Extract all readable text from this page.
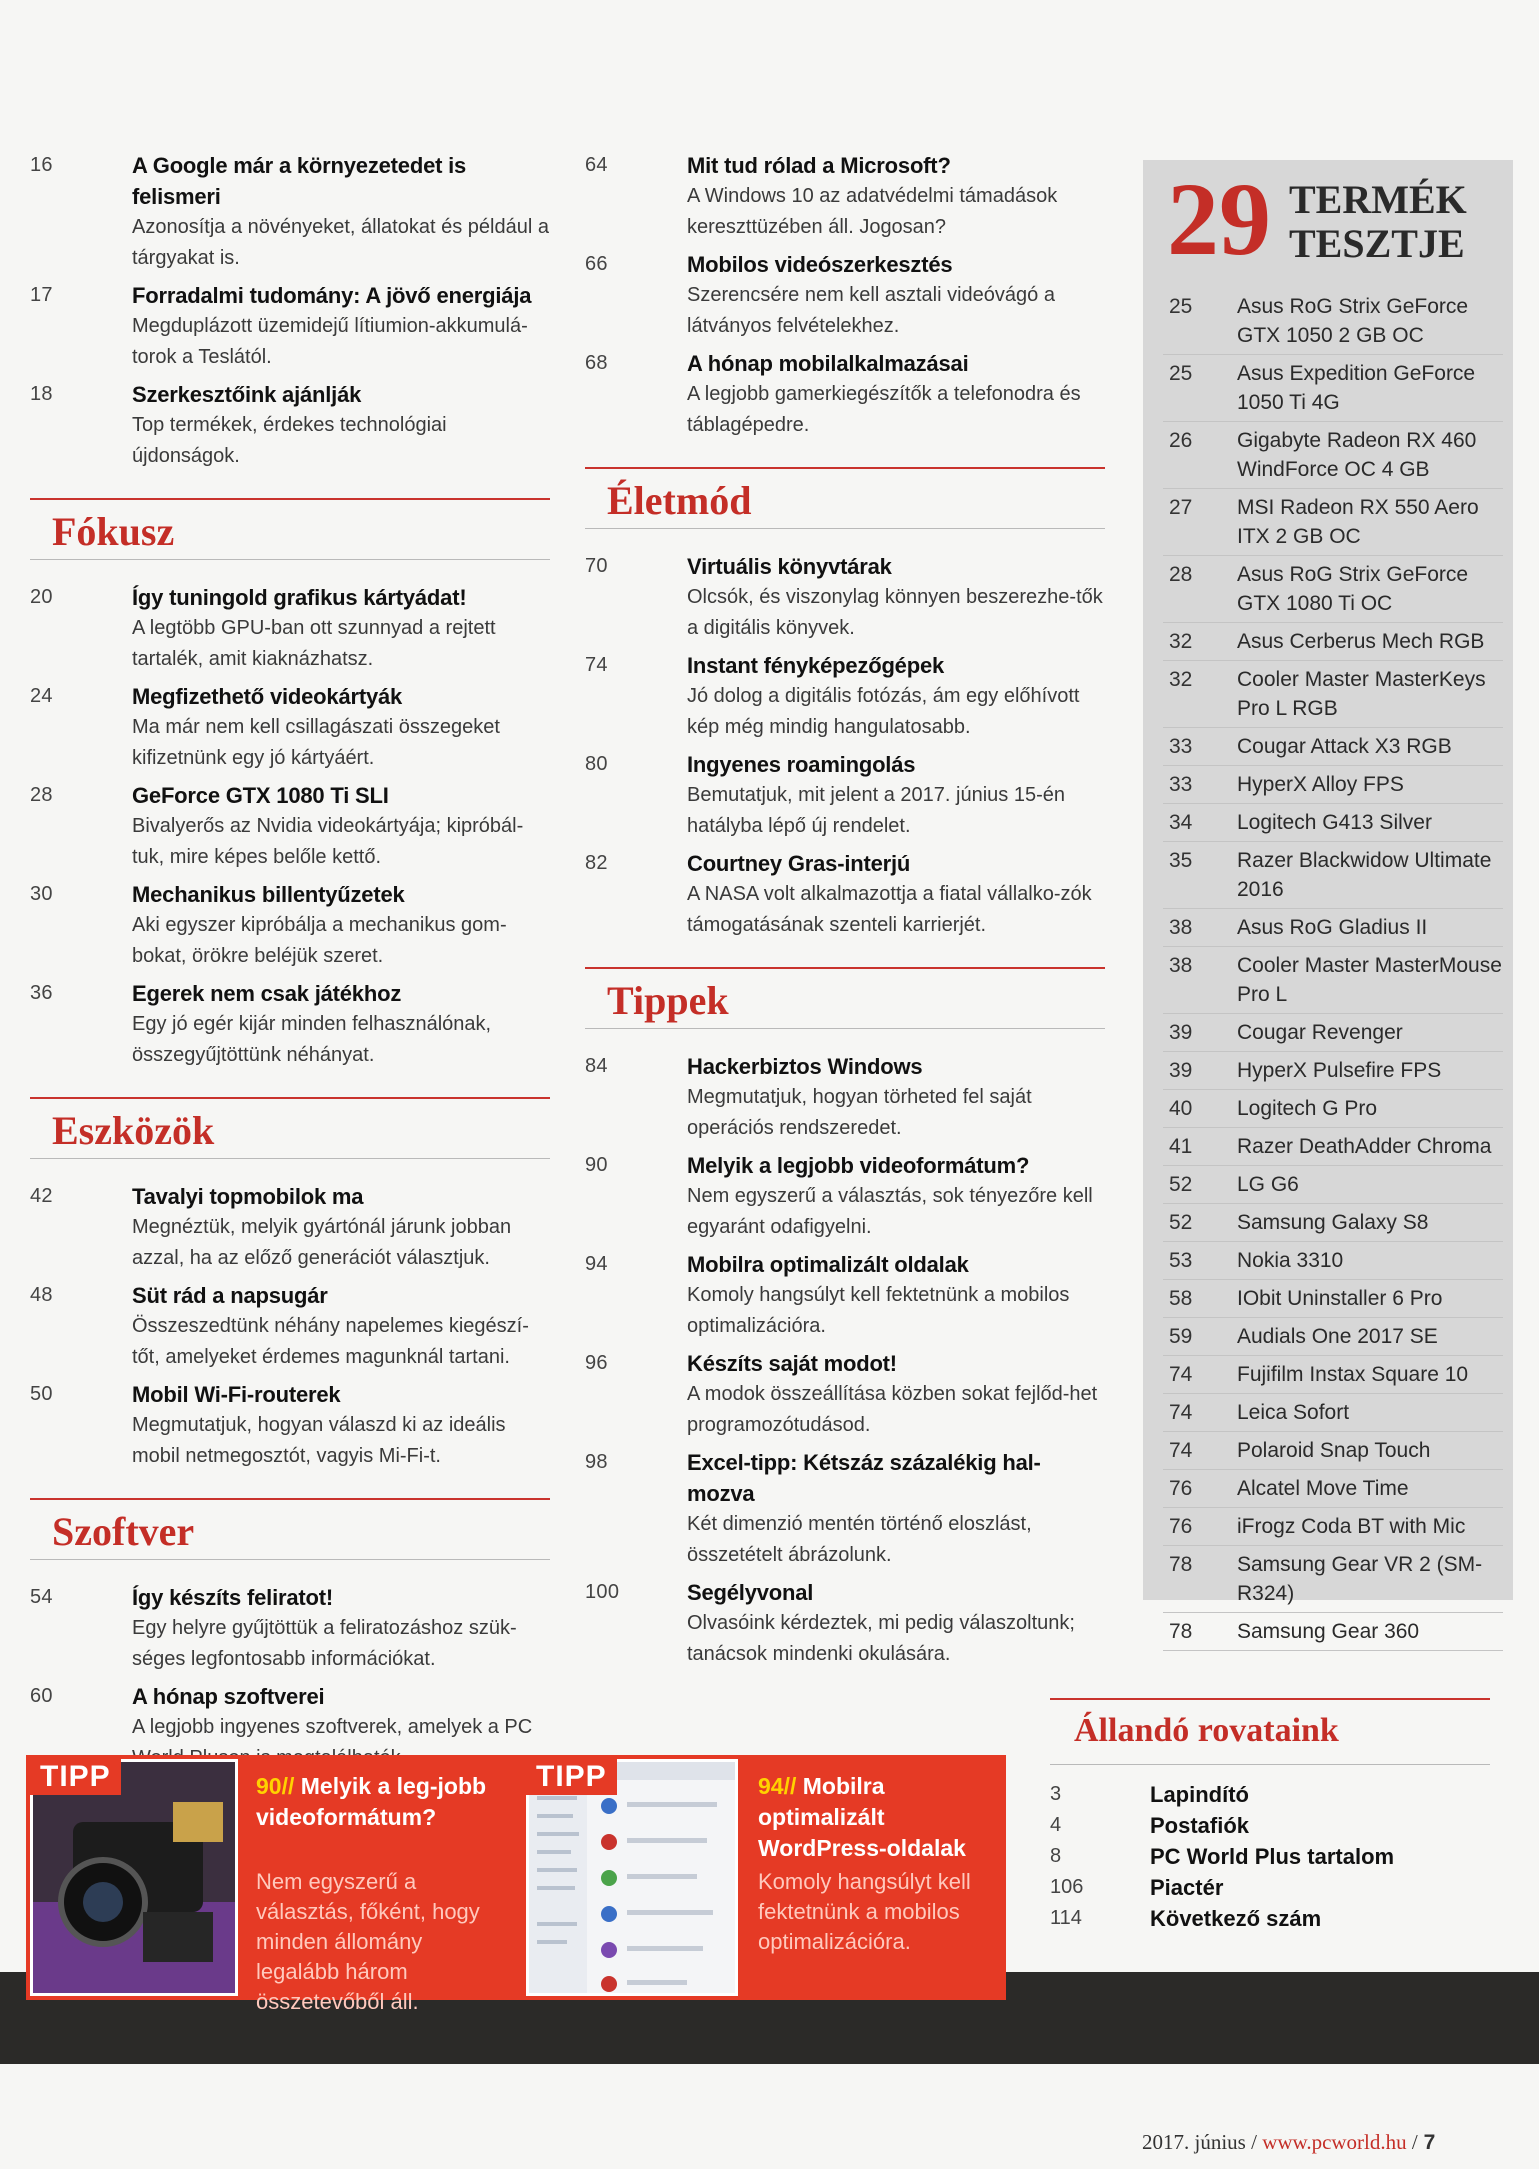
16	A Google már a környezetedet is felismeri
Azonosítja a növényeket, állatokat és például a tárgyakat is.
17	Forradalmi tudomány: A jövő energiája
Megduplázott üzemidejű lítiumion-akkumulá-torok a Teslától.
18	Szerkesztőink ajánlják
Top termékek, érdekes technológiai újdonságok.
Fókusz
20	Így tuningold grafikus kártyádat!
A legtöbb GPU-ban ott szunnyad a rejtett tartalék, amit kiaknázhatsz.
24	Megfizethető videokártyák
Ma már nem kell csillagászati összegeket kifizetnünk egy jó kártyáért.
28	GeForce GTX 1080 Ti SLI
Bivalyerős az Nvidia videokártyája; kipróbál-tuk, mire képes belőle kettő.
30	Mechanikus billentyűzetek
Aki egyszer kipróbálja a mechanikus gom-bokat, örökre beléjük szeret.
36	Egerek nem csak játékhoz
Egy jó egér kijár minden felhasználónak, összegyűjtöttünk néhányat.
Eszközök
42	Tavalyi topmobilok ma
Megnéztük, melyik gyártónál járunk jobban azzal, ha az előző generációt választjuk.
48	Süt rád a napsugár
Összeszedtünk néhány napelemes kiegészí-tőt, amelyeket érdemes magunknál tartani.
50	Mobil Wi-Fi-routerek
Megmutatjuk, hogyan válaszd ki az ideális mobil netmegosztót, vagyis Mi-Fi-t.
Szoftver
54	Így készíts feliratot!
Egy helyre gyűjtöttük a feliratozáshoz szük-séges legfontosabb információkat.
60	A hónap szoftverei
A legjobb ingyenes szoftverek, amelyek a PC
64	Mit tud rólad a Microsoft?
A Windows 10 az adatvédelmi támadások kereszttüzében áll. Jogosan?
66	Mobilos videószerkesztés
Szerencsére nem kell asztali videóvágó a látványos felvételekhez.
68	A hónap mobilalkalmazásai
A legjobb gamerkiegészítők a telefonodra és táblagépedre.
Életmód
70	Virtuális könyvtárak
Olcsók, és viszonylag könnyen beszerezhe-tők a digitális könyvek.
74	Instant fényképezőgépek
Jó dolog a digitális fotózás, ám egy előhívott kép még mindig hangulatosabb.
80	Ingyenes roamingolás
Bemutatjuk, mit jelent a 2017. június 15-én hatályba lépő új rendelet.
82	Courtney Gras-interjú
A NASA volt alkalmazottja a fiatal vállalko-zók támogatásának szenteli karrierjét.
Tippek
84	Hackerbiztos Windows
Megmutatjuk, hogyan törheted fel saját operációs rendszeredet.
90	Melyik a legjobb videoformátum?
Nem egyszerű a választás, sok tényezőre kell egyaránt odafigyelni.
94	Mobilra optimalizált oldalak
Komoly hangsúlyt kell fektetnünk a mobilos optimalizációra.
96	Készíts saját modot!
A modok összeállítása közben sokat fejlőd-het programozótudásod.
98	Excel-tipp: Kétszáz százalékig hal-mozva
Két dimenzió mentén történő eloszlást, összetételt ábrázolunk.
100	Segélyvonal
Olvasóink kérdeztek, mi pedig válaszoltunk; tanácsok mindenki okulására.
29 TERMÉK
TESZTJE
25 Asus RoG Strix GeForce GTX 1050 2 GB OC
25 Asus Expedition GeForce 1050 Ti 4G
26 Gigabyte Radeon RX 460 WindForce OC 4 GB
27 MSI Radeon RX 550 Aero ITX 2 GB OC
28 Asus RoG Strix GeForce GTX 1080 Ti OC
32 Asus Cerberus Mech RGB
32 Cooler Master MasterKeys Pro L RGB
33 Cougar Attack X3 RGB
33 HyperX Alloy FPS
34 Logitech G413 Silver
35 Razer Blackwidow Ultimate 2016
38 Asus RoG Gladius II
38 Cooler Master MasterMouse Pro L
39 Cougar Revenger
39 HyperX Pulsefire FPS
40 Logitech G Pro
41 Razer DeathAdder Chroma
52 LG G6
52 Samsung Galaxy S8
53 Nokia 3310
58 IObit Uninstaller 6 Pro
59 Audials One 2017 SE
74 Fujifilm Instax Square 10
74 Leica Sofort
74 Polaroid Snap Touch
76 Alcatel Move Time
76 iFrogz Coda BT with Mic
78 Samsung Gear VR 2 (SM-R324)
78 Samsung Gear 360
TIPP	90// Melyik a leg-jobb videoformátum?
Nem egyszerű a választás, főként, hogy minden állomány legalább három összetevőből áll.
TIPP	94// Mobilra optimalizált WordPress-oldalak
Komoly hangsúlyt kell fektetnünk a mobilos optimalizációra.
Állandó rovataink
3	Lapindító
4	Postafiók
8	PC World Plus tartalom
106	Piactér
114	Következő szám
2017. június / www.pcworld.hu / 7
